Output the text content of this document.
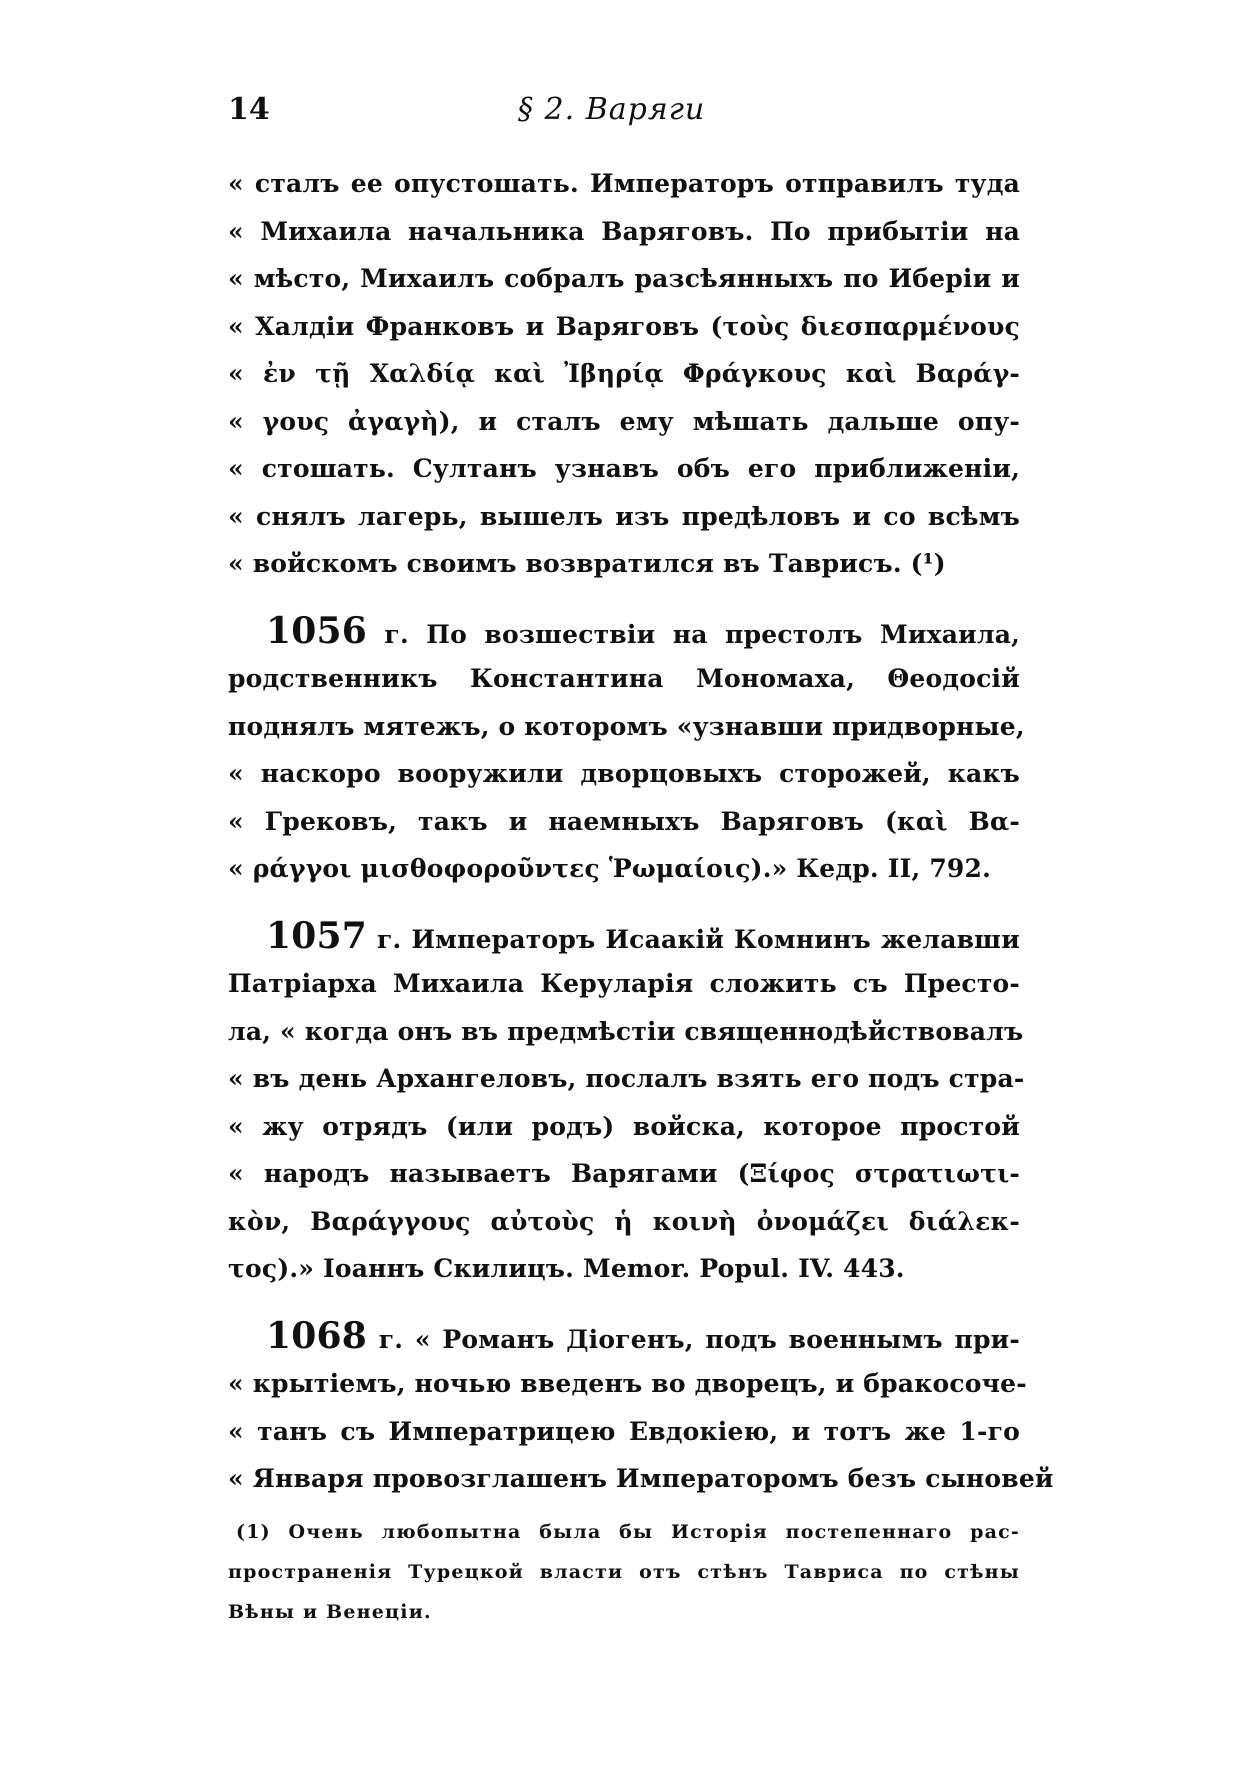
14	§ 2. Варяги
« сталъ ее опустошать. Императоръ отправилъ туда
« Михаила начальника Варяговъ. По прибытіи на
« мѣсто, Михаилъ собралъ разсѣянныхъ по Иберіи и
« Халдіи Франковъ и Варяговъ (τοὺς διεσπαρμένους
« ἐν τῇ Χαλδίᾳ καὶ Ἰβηρίᾳ Φράγκους καὶ Βαράγ-
« γους ἀγαγὴ), и сталъ ему мѣшать дальше опу-
« стошать. Султанъ узнавъ объ его приближеніи,
« снялъ лагерь, вышелъ изъ предѣловъ и со всѣмъ
« войскомъ своимъ возвратился въ Таврисъ. (¹)
1056 г. По возшествіи на престолъ Михаила,
родственникъ Константина Мономаха, Θеодосій
поднялъ мятежъ, о которомъ «узнавши придворные,
« наскоро вооружили дворцовыхъ сторожей, какъ
« Грековъ, такъ и наемныхъ Варяговъ (καὶ Βα-
« ράγγοι μισθοφοροῦντες Ῥωμαίοις).» Кедр. II, 792.
1057 г. Императоръ Исаакій Комнинъ желавши
Патріарха Михаила Керуларія сложить съ Престо-
ла, « когда онъ въ предмѣстіи священнодѣйствовалъ
« въ день Архангеловъ, послалъ взять его подъ стра-
« жу отрядъ (или родъ) войска, которое простой
« народъ называетъ Варягами (Ξίφος στρατιωτι-
κὸν, Βαράγγους αὐτοὺς ἡ κοινὴ ὀνομάζει διάλεκ-
τος).» Іоаннъ Скилицъ. Memor. Popul. IV. 443.
1068 г. « Романъ Діогенъ, подъ военнымъ при-
« крытіемъ, ночью введенъ во дворецъ, и бракосоче-
« танъ съ Императрицею Евдокіею, и тотъ же 1-го
« Января провозглашенъ Императоромъ безъ сыновей
(1) Очень любопытна была бы Исторія постепеннаго рас-
пространенія Турецкой власти отъ стѣнъ Тавриса по стѣны
Вѣны и Венеціи.
